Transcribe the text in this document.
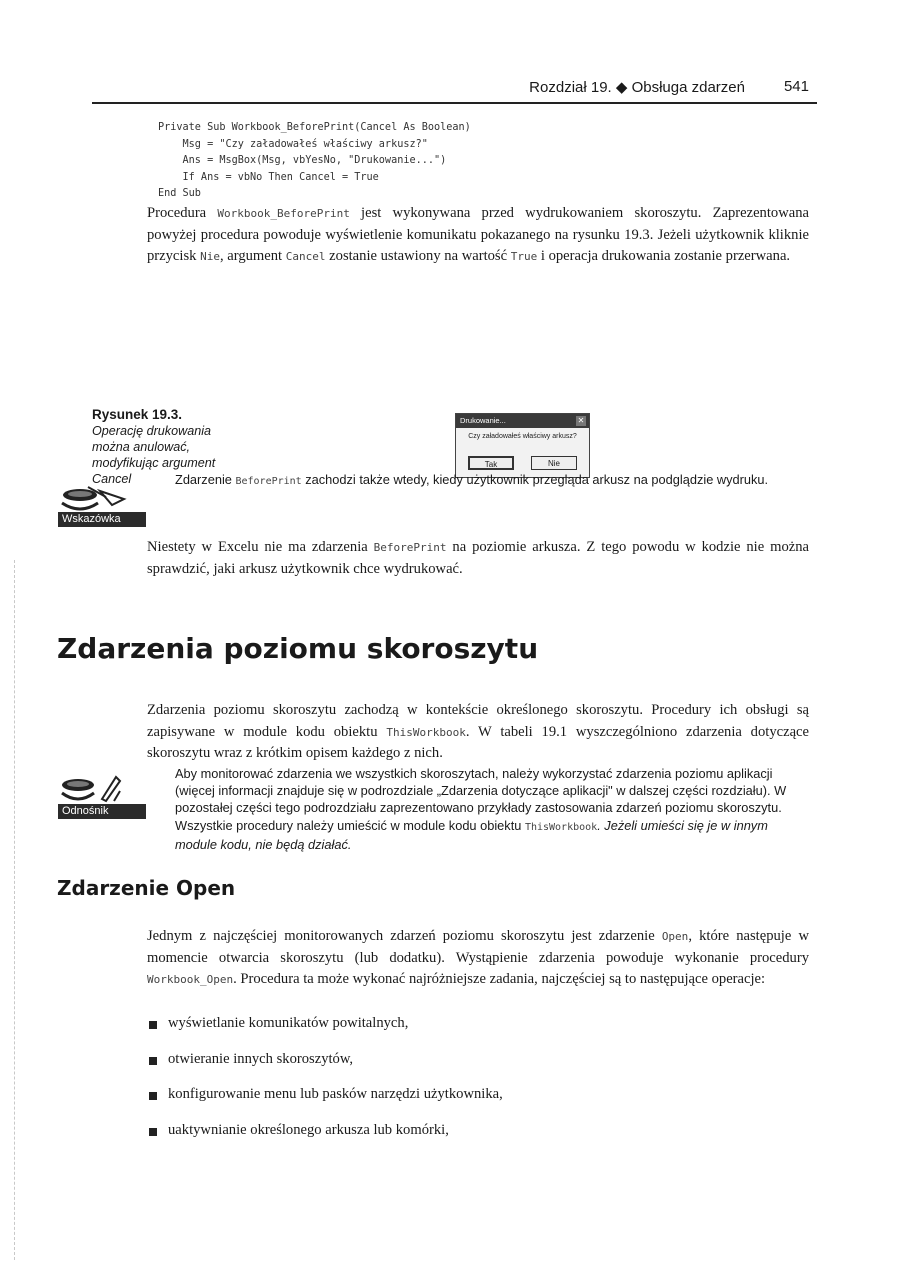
Rozdział 19. ◆ Obsługa zdarzeń	541
Private Sub Workbook_BeforePrint(Cancel As Boolean)
Msg = "Czy załadowałeś właściwy arkusz?"
Ans = MsgBox(Msg, vbYesNo, "Drukowanie...")
If Ans = vbNo Then Cancel = True
End Sub

Procedura Workbook_BeforePrint jest wykonywana przed wydrukowaniem skoroszytu. Zaprezentowana powyżej procedura powoduje wyświetlenie komunikatu pokazanego na rysunku 19.3. Jeżeli użytkownik kliknie przycisk Nie, argument Cancel zostanie ustawiony na wartość True i operacja drukowania zostanie przerwana.

Rysunek 19.3.
Operację drukowania można anulować, modyfikując argument Cancel
Drukowanie...	✕
Czy załadowałeś właściwy arkusz?
Tak	Nie
Wskazówka

Zdarzenie BeforePrint zachodzi także wtedy, kiedy użytkownik przegląda arkusz na podglądzie wydruku.

Niestety w Excelu nie ma zdarzenia BeforePrint na poziomie arkusza. Z tego powodu w kodzie nie można sprawdzić, jaki arkusz użytkownik chce wydrukować.

Zdarzenia poziomu skoroszytu

Zdarzenia poziomu skoroszytu zachodzą w kontekście określonego skoroszytu. Procedury ich obsługi są zapisywane w module kodu obiektu ThisWorkbook. W tabeli 19.1 wyszczególniono zdarzenia dotyczące skoroszytu wraz z krótkim opisem każdego z nich.

Odnośnik

Aby monitorować zdarzenia we wszystkich skoroszytach, należy wykorzystać zdarzenia poziomu aplikacji (więcej informacji znajduje się w podrozdziale „Zdarzenia dotyczące aplikacji" w dalszej części rozdziału). W pozostałej części tego podrozdziału zaprezentowano przykłady zastosowania zdarzeń poziomu skoroszytu. Wszystkie procedury należy umieścić w module kodu obiektu ThisWorkbook. Jeżeli umieści się je w innym module kodu, nie będą działać.

Zdarzenie Open

Jednym z najczęściej monitorowanych zdarzeń poziomu skoroszytu jest zdarzenie Open, które następuje w momencie otwarcia skoroszytu (lub dodatku). Wystąpienie zdarzenia powoduje wykonanie procedury Workbook_Open. Procedura ta może wykonać najróżniejsze zadania, najczęściej są to następujące operacje:

wyświetlanie komunikatów powitalnych,
otwieranie innych skoroszytów,
konfigurowanie menu lub pasków narzędzi użytkownika,
uaktywnianie określonego arkusza lub komórki,
